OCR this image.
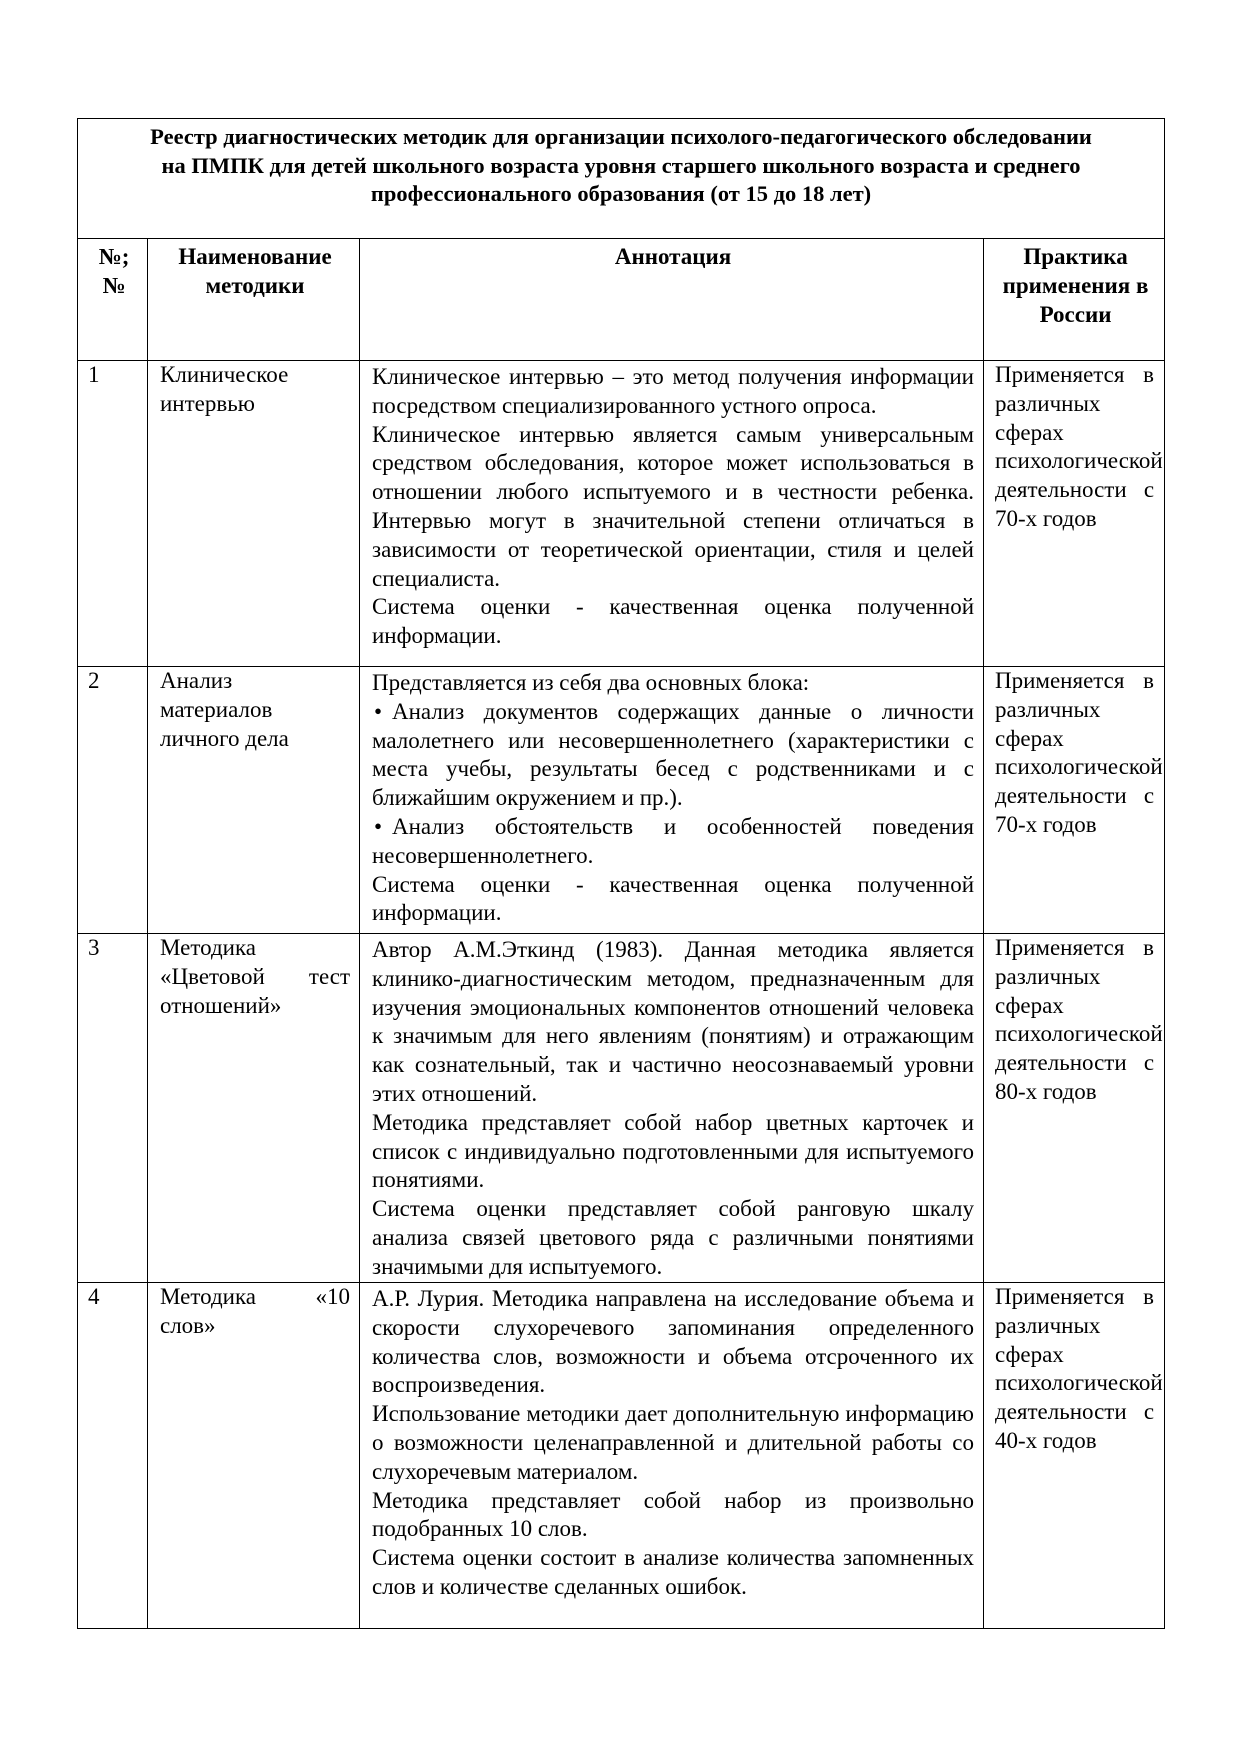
Реестр диагностических методик для организации психолого-педагогического обследовании на ПМПК для детей школьного возраста уровня старшего школьного возраста и среднего профессионального образования (от 15 до 18 лет)			
№; №	Наименование методики	Аннотация	Практика применения в России
1	Клиническое интервью	Клиническое интервью – это метод получения информации посредством специализированного устного опроса.

Клиническое интервью является самым универсальным средством обследования, которое может использоваться в отношении любого испытуемого и в честности ребенка. Интервью могут в значительной степени отличаться в зависимости от теоретической ориентации, стиля и целей специалиста.

Система оценки - качественная оценка полученной информации.	Применяется в различных сферах психологической деятельности с 70-х годов
2	Анализ материалов личного дела	Представляется из себя два основных блока:

• Анализ документов содержащих данные о личности малолетнего или несовершеннолетнего (характеристики с места учебы, результаты бесед с родственниками и с ближайшим окружением и пр.).

• Анализ обстоятельств и особенностей поведения несовершеннолетнего.

Система оценки - качественная оценка полученной информации.	Применяется в различных сферах психологической деятельности с 70-х годов
3	Методика «Цветовой тест отношений»	Автор А.М.Эткинд (1983). Данная методика является клинико-диагностическим методом, предназначенным для изучения эмоциональных компонентов отношений человека к значимым для него явлениям (понятиям) и отражающим как сознательный, так и частично неосознаваемый уровни этих отношений.

Методика представляет собой набор цветных карточек и список с индивидуально подготовленными для испытуемого понятиями.

Система оценки представляет собой ранговую шкалу анализа связей цветового ряда с различными понятиями значимыми для испытуемого.	Применяется в различных сферах психологической деятельности с 80-х годов
4	Методика «10 слов»	А.Р. Лурия. Методика направлена на исследование объема и скорости слухоречевого запоминания определенного количества слов, возможности и объема отсроченного их воспроизведения.

Использование методики дает дополнительную информацию о возможности целенаправленной и длительной работы со слухоречевым материалом.

Методика представляет собой набор из произвольно подобранных 10 слов.

Система оценки состоит в анализе количества запомненных слов и количестве сделанных ошибок.	Применяется в различных сферах психологической деятельности с 40-х годов
